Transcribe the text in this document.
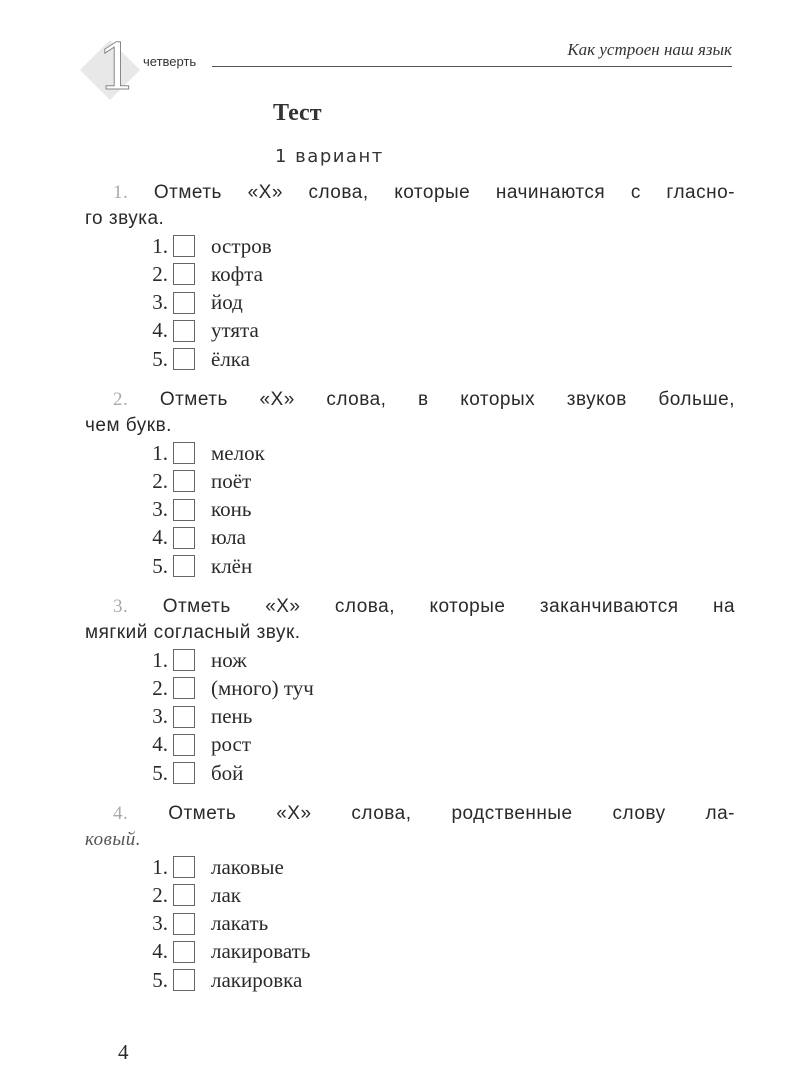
1 четверть
Как устроен наш язык
Тест
1 вариант
1. Отметь «X» слова, которые начинаются с гласно-
го звука.
1. остров
2. кофта
3. йод
4. утята
5. ёлка
2. Отметь «X» слова, в которых звуков больше,
чем букв.
1. мелок
2. поёт
3. конь
4. юла
5. клён
3. Отметь «X» слова, которые заканчиваются на
мягкий согласный звук.
1. нож
2. (много) туч
3. пень
4. рост
5. бой
4. Отметь «X» слова, родственные слову ла-
ковый.
1. лаковые
2. лак
3. лакать
4. лакировать
5. лакировка
4
